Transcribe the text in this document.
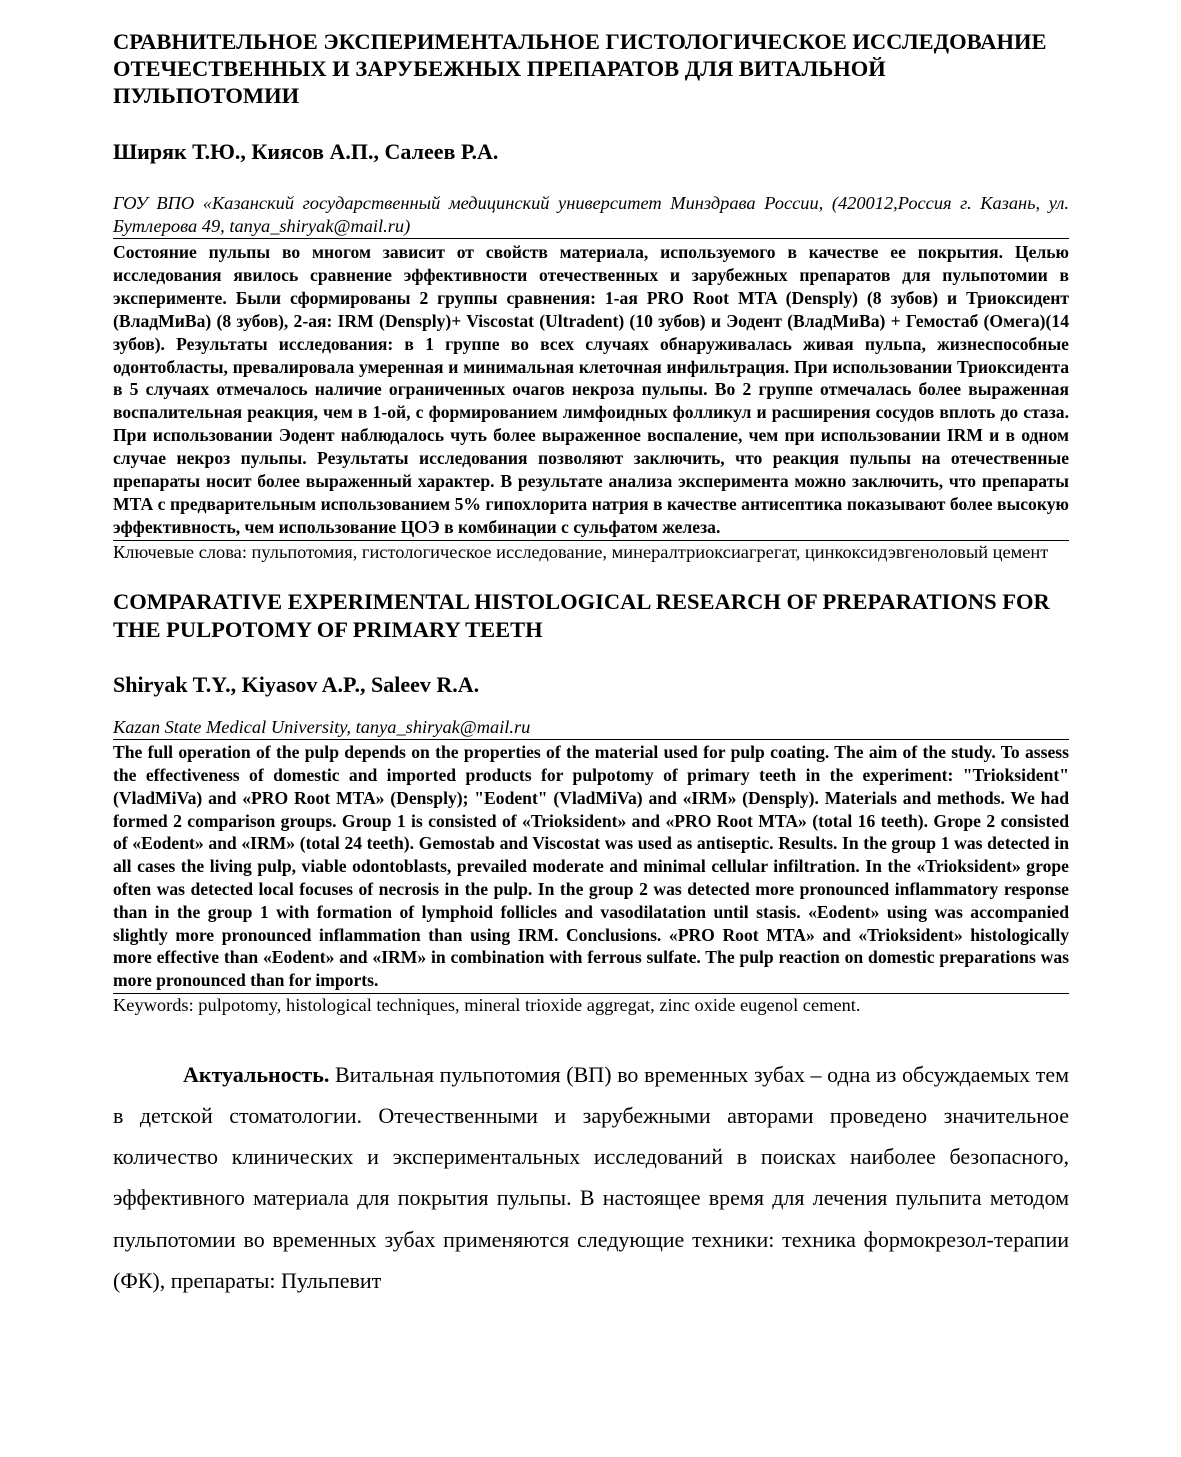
СРАВНИТЕЛЬНОЕ ЭКСПЕРИМЕНТАЛЬНОЕ ГИСТОЛОГИЧЕСКОЕ ИССЛЕДОВАНИЕ ОТЕЧЕСТВЕННЫХ И ЗАРУБЕЖНЫХ ПРЕПАРАТОВ ДЛЯ ВИТАЛЬНОЙ ПУЛЬПОТОМИИ

Ширяк Т.Ю., Киясов А.П., Салеев Р.А.

ГОУ ВПО «Казанский государственный медицинский университет Минздрава России, (420012,Россия г. Казань, ул. Бутлерова 49, tanya_shiryak@mail.ru)

Состояние пульпы во многом зависит от свойств материала, используемого в качестве ее покрытия. Целью исследования явилось сравнение эффективности отечественных и зарубежных препаратов для пульпотомии в эксперименте. Были сформированы 2 группы сравнения: 1-ая PRO Root MTA (Densply) (8 зубов) и Триоксидент (ВладМиВа) (8 зубов), 2-ая: IRM (Densply)+ Viscostat (Ultradent) (10 зубов) и Эодент (ВладМиВа) + Гемостаб (Омега)(14 зубов). Результаты исследования: в 1 группе во всех случаях обнаруживалась живая пульпа, жизнеспособные одонтобласты, превалировала умеренная и минимальная клеточная инфильтрация. При использовании Триоксидента в 5 случаях отмечалось наличие ограниченных очагов некроза пульпы. Во 2 группе отмечалась более выраженная воспалительная реакция, чем в 1-ой, с формированием лимфоидных фолликул и расширения сосудов вплоть до стаза. При использовании Эодент наблюдалось чуть более выраженное воспаление, чем при использовании IRM и в одном случае некроз пульпы. Результаты исследования позволяют заключить, что реакция пульпы на отечественные препараты носит более выраженный характер. В результате анализа эксперимента можно заключить, что препараты МТА с предварительным использованием 5% гипохлорита натрия в качестве антисептика показывают более высокую эффективность, чем использование ЦОЭ в комбинации с сульфатом железа.

Ключевые слова: пульпотомия, гистологическое исследование, минералтриоксиагрегат, цинкоксидэвгеноловый цемент

COMPARATIVE EXPERIMENTAL HISTOLOGICAL RESEARCH OF PREPARATIONS FOR THE PULPOTOMY OF PRIMARY TEETH

Shiryak T.Y., Kiyasov A.P., Saleev R.A.

Kazan State Medical University, tanya_shiryak@mail.ru

The full operation of the pulp depends on the properties of the material used for pulp coating. The aim of the study. To assess the effectiveness of domestic and imported products for pulpotomy of primary teeth in the experiment: "Trioksident" (VladMiVa) and «PRO Root MTA» (Densply); "Eodent" (VladMiVa) and «IRM» (Densply). Materials and methods. We had formed 2 comparison groups. Group 1 is consisted of «Trioksident» and «PRO Root MTA» (total 16 teeth). Grope 2 consisted of «Eodent» and «IRM» (total 24 teeth). Gemostab and Viscostat was used as antiseptic. Results. In the group 1 was detected in all cases the living pulp, viable odontoblasts, prevailed moderate and minimal cellular infiltration. In the «Trioksident» grope often was detected local focuses of necrosis in the pulp. In the group 2 was detected more pronounced inflammatory response than in the group 1 with formation of lymphoid follicles and vasodilatation until stasis. «Eodent» using was accompanied slightly more pronounced inflammation than using IRM. Conclusions. «PRO Root MTA» and «Trioksident» histologically more effective than «Eodent» and «IRM» in combination with ferrous sulfate. The pulp reaction on domestic preparations was more pronounced than for imports.

Keywords: pulpotomy, histological techniques, mineral trioxide aggregat, zinc oxide eugenol cement.

Актуальность. Витальная пульпотомия (ВП) во временных зубах – одна из обсуждаемых тем в детской стоматологии. Отечественными и зарубежными авторами проведено значительное количество клинических и экспериментальных исследований в поисках наиболее безопасного, эффективного материала для покрытия пульпы. В настоящее время для лечения пульпита методом пульпотомии во временных зубах применяются следующие техники: техника формокрезол-терапии (ФК), препараты: Пульпевит
